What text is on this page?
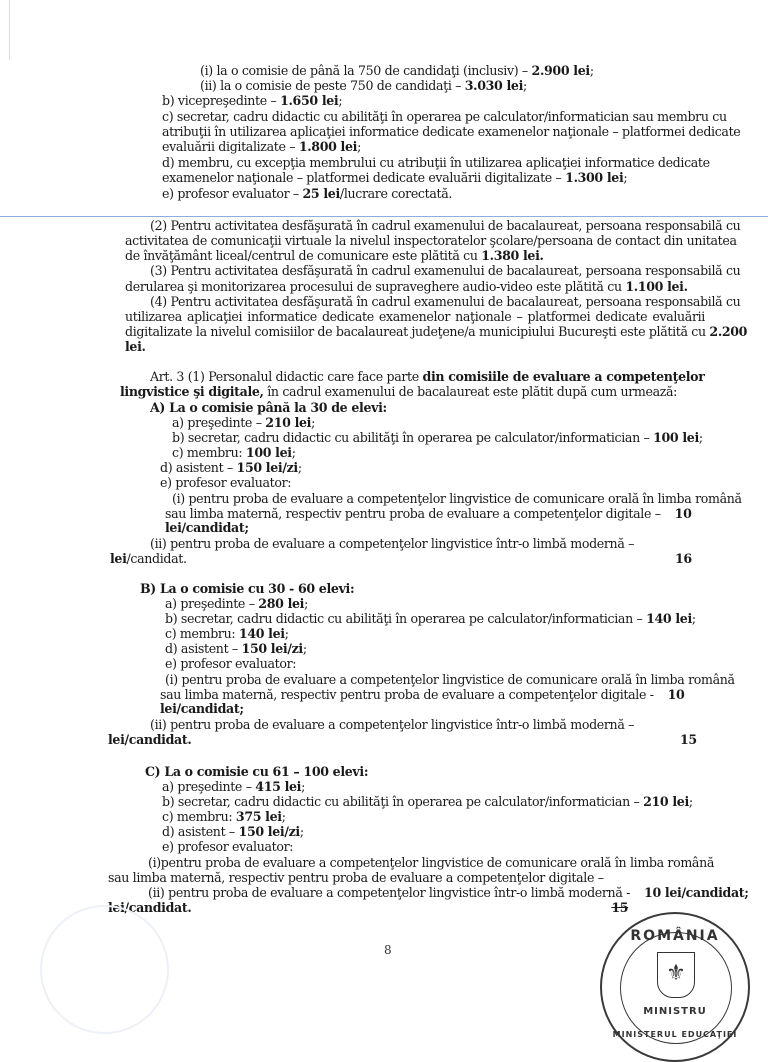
(i) la o comisie de până la 750 de candidaţi (inclusiv) – 2.900 lei;
(ii) la o comisie de peste 750 de candidaţi – 3.030 lei;
b) vicepreşedinte – 1.650 lei;
c) secretar, cadru didactic cu abilităţi în operarea pe calculator/informatician sau membru cu
atribuţii în utilizarea aplicaţiei informatice dedicate examenelor naţionale – platformei dedicate
evaluării digitalizate – 1.800 lei;
d) membru, cu excepţia membrului cu atribuţii în utilizarea aplicaţiei informatice dedicate
examenelor naţionale – platformei dedicate evaluării digitalizate – 1.300 lei;
e) profesor evaluator – 25 lei/lucrare corectată.
(2) Pentru activitatea desfăşurată în cadrul examenului de bacalaureat, persoana responsabilă cu
activitatea de comunicaţii virtuale la nivelul inspectoratelor şcolare/persoana de contact din unitatea
de învăţământ liceal/centrul de comunicare este plătită cu 1.380 lei.
(3) Pentru activitatea desfăşurată în cadrul examenului de bacalaureat, persoana responsabilă cu
derularea şi monitorizarea procesului de supraveghere audio-video este plătită cu 1.100 lei.
(4) Pentru activitatea desfăşurată în cadrul examenului de bacalaureat, persoana responsabilă cu
utilizarea aplicaţiei informatice dedicate examenelor naţionale – platformei dedicate evaluării
digitalizate la nivelul comisiilor de bacalaureat judeţene/a municipiului Bucureşti este plătită cu 2.200
lei.
Art. 3 (1) Personalul didactic care face parte din comisiile de evaluare a competenţelor
lingvistice şi digitale, în cadrul examenului de bacalaureat este plătit după cum urmează:
A) La o comisie până la 30 de elevi:
a) preşedinte – 210 lei;
b) secretar, cadru didactic cu abilităţi în operarea pe calculator/informatician – 100 lei;
c) membru: 100 lei;
d) asistent – 150 lei/zi;
e) profesor evaluator:
(i) pentru proba de evaluare a competenţelor lingvistice de comunicare orală în limba română
sau limba maternă, respectiv pentru proba de evaluare a competenţelor digitale – 10
lei/candidat;
(ii) pentru proba de evaluare a competenţelor lingvistice într-o limbă modernă –
16
lei/candidat.
B) La o comisie cu 30 - 60 elevi:
a) preşedinte – 280 lei;
b) secretar, cadru didactic cu abilităţi în operarea pe calculator/informatician – 140 lei;
c) membru: 140 lei;
d) asistent – 150 lei/zi;
e) profesor evaluator:
(i) pentru proba de evaluare a competenţelor lingvistice de comunicare orală în limba română
sau limba maternă, respectiv pentru proba de evaluare a competenţelor digitale - 10
lei/candidat;
(ii) pentru proba de evaluare a competenţelor lingvistice într-o limbă modernă –
15
lei/candidat.
C) La o comisie cu 61 – 100 elevi:
a) preşedinte – 415 lei;
b) secretar, cadru didactic cu abilităţi în operarea pe calculator/informatician – 210 lei;
c) membru: 375 lei;
d) asistent – 150 lei/zi;
e) profesor evaluator:
(i)pentru proba de evaluare a competenţelor lingvistice de comunicare orală în limba română
sau limba maternă, respectiv pentru proba de evaluare a competenţelor digitale –
(ii) pentru proba de evaluare a competenţelor lingvistice într-o limbă modernă - 10 lei/candidat;
lei/candidat.	15
8
ROMÂNIA
⚜
MINISTRU
MINISTERUL EDUCAŢIEI
